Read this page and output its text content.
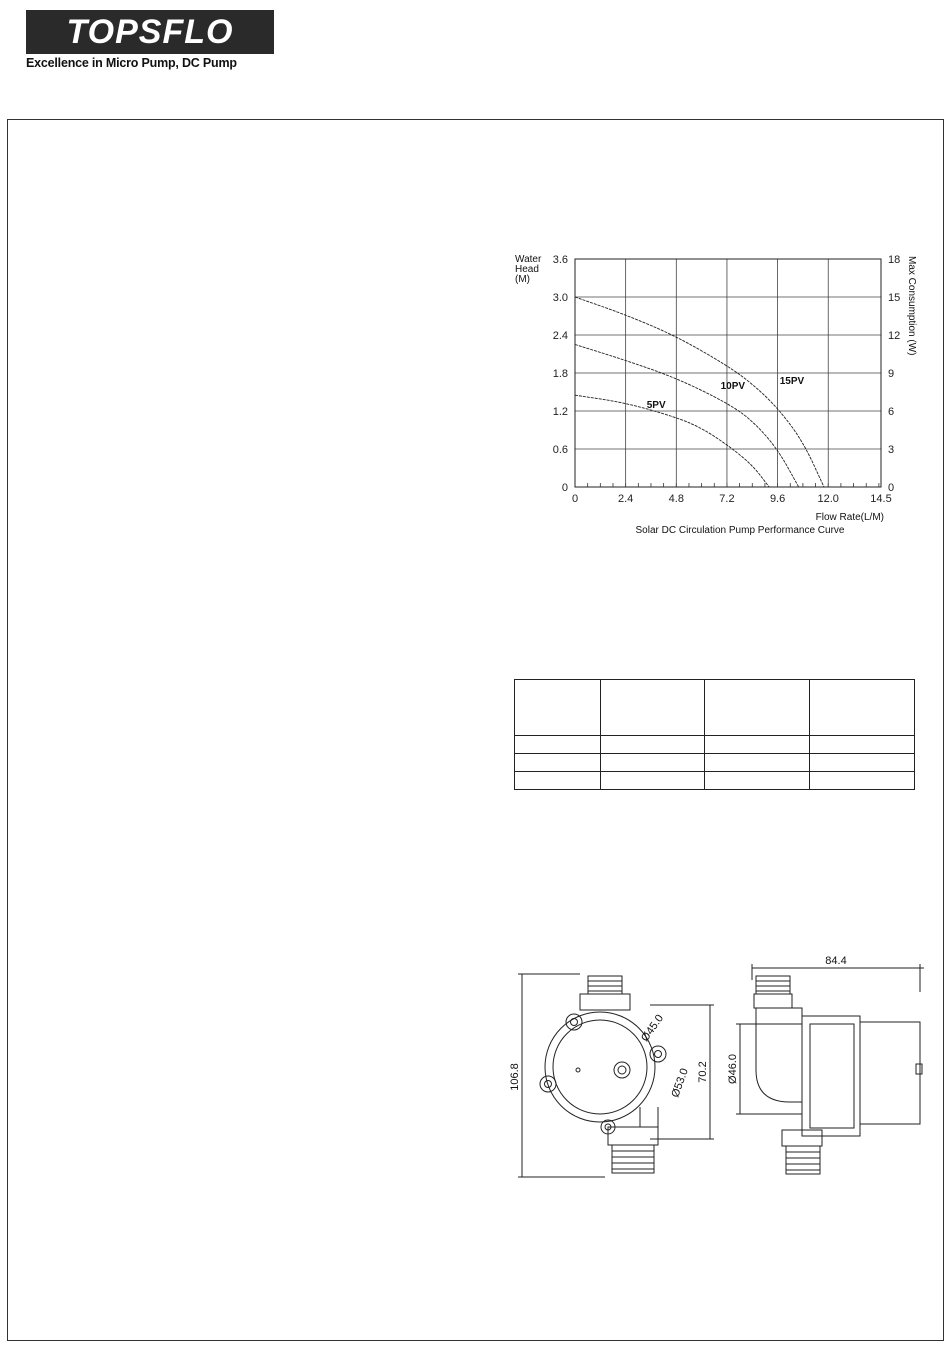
TOPSFLO
Excellence in Micro Pump, DC Pump
0	2.4	4.8	7.2	9.6	12.0	14.5
0	0
0.6	3
1.2	6
1.8	9
2.4	12
3.0	15
3.6	18
Water
Head
(M)	Max Consumption (W)
Flow Rate(L/M)
Solar DC Circulation Pump Performance Curve
5PV
10PV	15PV

106.8
Ø45.0
Ø53.0 70.2
84.4
Ø46.0
